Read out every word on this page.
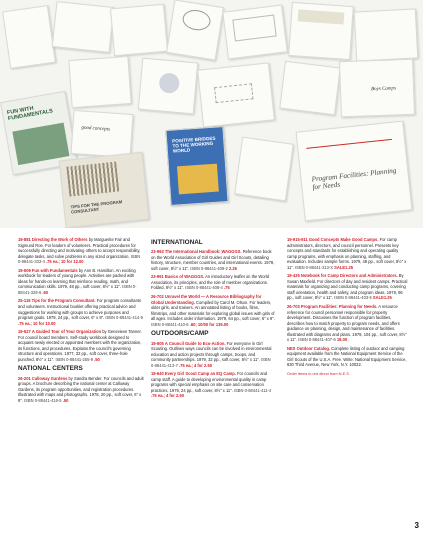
Boys Camps
FUN WITH FUNDAMENTALS
good concepts
TIPS FOR THE PROGRAM CONSULTANT
POSITIVE BRIDGES TO THE WORKING WORLD
Program Facilities: Planning for Needs
19-881 Directing the Work of Others by Marguerite Fair and Sigmund Roe. For leaders of volunteers. Practical procedures for successfully directing and motivating others to accept responsibility, delegate tasks, and solve problems in any sized organization. ISBN 0-88441-333-4 .75 ea.; 10 for 12.00
19-509 Fun with Fundamentals by Ann B. Hamilton. An exciting workbook for leaders of young people. Activities are packed with ideas for hands-on learning that reinforce reading, math, and communication skills. 1979, 48 pp., soft cover, 8½" x 11". ISBN 0-88441-329-6 .60
25-115 Tips for the Program Consultant. For program consultants and volunteers. Instructional booklet offering practical advice and suggestions for working with groups to achieve purposes and program goals. 1979, 24 pp., soft cover, 6" x 9". ISBN 0-88441-414-9 .75 ea.; 10 for 10.00
19-527 A Guided Tour of Your Organization by Genevieve Tanner. For council board members. Self-study workbook designed to acquaint newly elected or appointed members with the organization, its functions, and procedures. Explains the council's governing structure and operations. 1977, 32 pp., soft cover, three-hole punched, 8½" x 11". ISBN 0-88441-255-9 .50
NATIONAL CENTERS
26-201 Calloway Gardens by Sandra Bender. For councils and adult groups. A brochure describing the national center at Calloway Gardens, its program opportunities, and registration procedures. Illustrated with maps and photographs. 1978, 20 pp., soft cover, 6" x 9". ISBN 0-88441-416-5 .50
INTERNATIONAL
23-963 The International Handbook: WAGGGS. Reference book on the World Association of Girl Guides and Girl Scouts, detailing history, structure, member countries, and international events. 1978, soft cover, 8½" x 11". ISBN 0-88441-409-2 2.25
23-961 Basics of WAGGGS. An introductory leaflet on the World Association, its principles, and the role of member organizations. Folded, 8½" x 11". ISBN 0-88441-408-4 .75
26-702 Unravel the World — A Resource Bibliography for Global Understanding. Compiled by Carol M. Olson. For leaders, older girls, and trainers. An annotated listing of books, films, filmstrips, and other materials for exploring global issues with girls of all ages. Includes order information. 1979, 64 pp., soft cover, 6" x 9". ISBN 0-88441-410-6 .60; 10/00 for 135.00
OUTDOORS/CAMP
19-505 A Council Guide to Eco-Action. For everyone in Girl Scouting. Outlines ways councils can be involved in environmental education and action projects through camps, troops, and community partnerships. 1979, 32 pp., soft cover, 8½" x 11". ISBN 0-88441-413-7 .75 ea.; 4 for 2.50
19-640 Every Girl Scout Camp an EQ Camp. For councils and camp staff. A guide to developing environmental quality in camp programs with special emphasis on site care and conservation practices. 1979, 24 pp., soft cover, 8½" x 11". ISBN 0-88441-411-4 .75 ea.; 4 for 2.50
19-915-911 Good Concepts Make Good Camps. For camp administrators, directors, and council personnel. Presents key concepts and standards for establishing and operating quality camp programs, with emphasis on planning, staffing, and evaluation. Includes sample forms. 1979, 48 pp., soft cover, 8½" x 11". ISBN 0-88441-313-X SALE1.25
19-425 Notebook for Camp Directors and Administrators. By Susan Maxfield. For directors of day and resident camps. Practical materials for organizing and conducting camp programs, covering staff orientation, health and safety, and program ideas. 1978, 96 pp., soft cover, 8½" x 11". ISBN 0-88441-403-5 SALE1.25
26-703 Program Facilities: Planning for Needs. A resource reference for council personnel responsible for property development. Discusses the function of program facilities, describes how to match property to program needs, and offers guidance on planning, design, and maintenance of facilities. Illustrated with diagrams and plans. 1979, 104 pp., soft cover, 8½" x 11". ISBN 0-88441-407-6 18.00
NES Outdoor Catalog. Complete listing of outdoor and camping equipment available from the National Equipment Service of the Girl Scouts of the U.S.A. Free. Write: National Equipment Service, 830 Third Avenue, New York, N.Y. 10022.
Order items in red direct from N.E.S.
3
